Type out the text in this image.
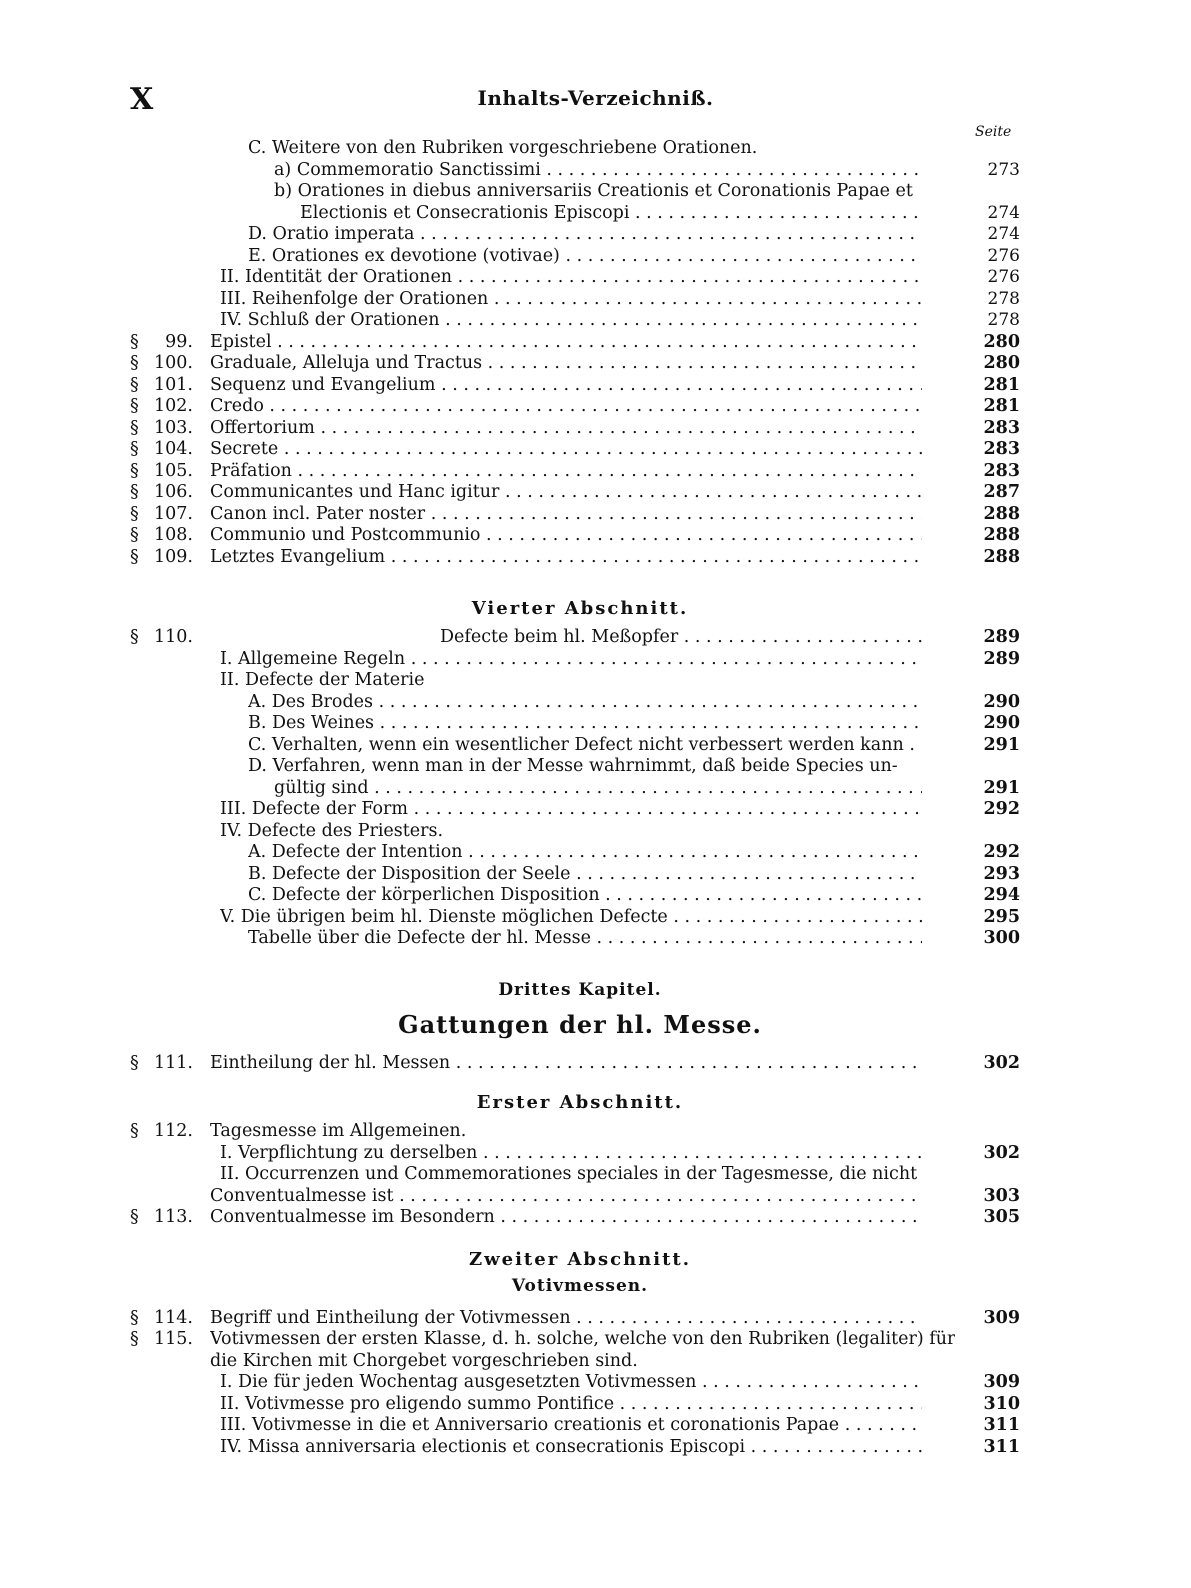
X	Inhalts-Verzeichniß.
Seite
C. Weitere von den Rubriken vorgeschriebene Orationen.
a) Commemoratio Sanctissimi . . .	273
b) Orationes in diebus anniversariis Creationis et Coronationis Papae et
Electionis et Consecrationis Episcopi . . .	274
D. Oratio imperata . . .	274
E. Orationes ex devotione (votivae) . . .	276
II. Identität der Orationen . . .	276
III. Reihenfolge der Orationen . . .	278
IV. Schluß der Orationen . . .	278
§	99. Epistel . . .	280
§ 100. Graduale, Alleluja und Tractus . . .	280
§ 101. Sequenz und Evangelium . . .	281
§ 102. Credo . . .	281
§ 103. Offertorium . . .	283
§ 104. Secrete . . .	283
§ 105. Präfation . . .	283
§ 106. Communicantes und Hanc igitur . . .	287
§ 107. Canon incl. Pater noster . . .	288
§ 108. Communio und Postcommunio . . .	288
§ 109. Letztes Evangelium . . .	288
Vierter Abschnitt.
§ 110.	Defecte beim hl. Meßopfer . . .	289
I. Allgemeine Regeln . . .	289
II. Defecte der Materie
A. Des Brodes . . .	290
B. Des Weines . . .	290
C. Verhalten, wenn ein wesentlicher Defect nicht verbessert werden kann . . .	291
D. Verfahren, wenn man in der Messe wahrnimmt, daß beide Species un-
gültig sind . . .	291
III. Defecte der Form . . .	292
IV. Defecte des Priesters.
A. Defecte der Intention . . .	292
B. Defecte der Disposition der Seele . . .	293
C. Defecte der körperlichen Disposition . . .	294
V. Die übrigen beim hl. Dienste möglichen Defecte . . .	295
Tabelle über die Defecte der hl. Messe . . .	300
Drittes Kapitel.
Gattungen der hl. Messe.
§ 111. Eintheilung der hl. Messen . . .	302
Erster Abschnitt.
§ 112. Tagesmesse im Allgemeinen.
I. Verpflichtung zu derselben . . .	302
II. Occurrenzen und Commemorationes speciales in der Tagesmesse, die nicht
Conventualmesse ist . . .	303
§ 113. Conventualmesse im Besondern . . .	305
Zweiter Abschnitt.
Votivmessen.
§ 114. Begriff und Eintheilung der Votivmessen . . .	309
§ 115. Votivmessen der ersten Klasse, d. h. solche, welche von den Rubriken (legaliter) für
die Kirchen mit Chorgebet vorgeschrieben sind.
I. Die für jeden Wochentag ausgesetzten Votivmessen . . .	309
II. Votivmesse pro eligendo summo Pontifice . . .	310
III. Votivmesse in die et Anniversario creationis et coronationis Papae . . .	311
IV. Missa anniversaria electionis et consecrationis Episcopi . . .	311
